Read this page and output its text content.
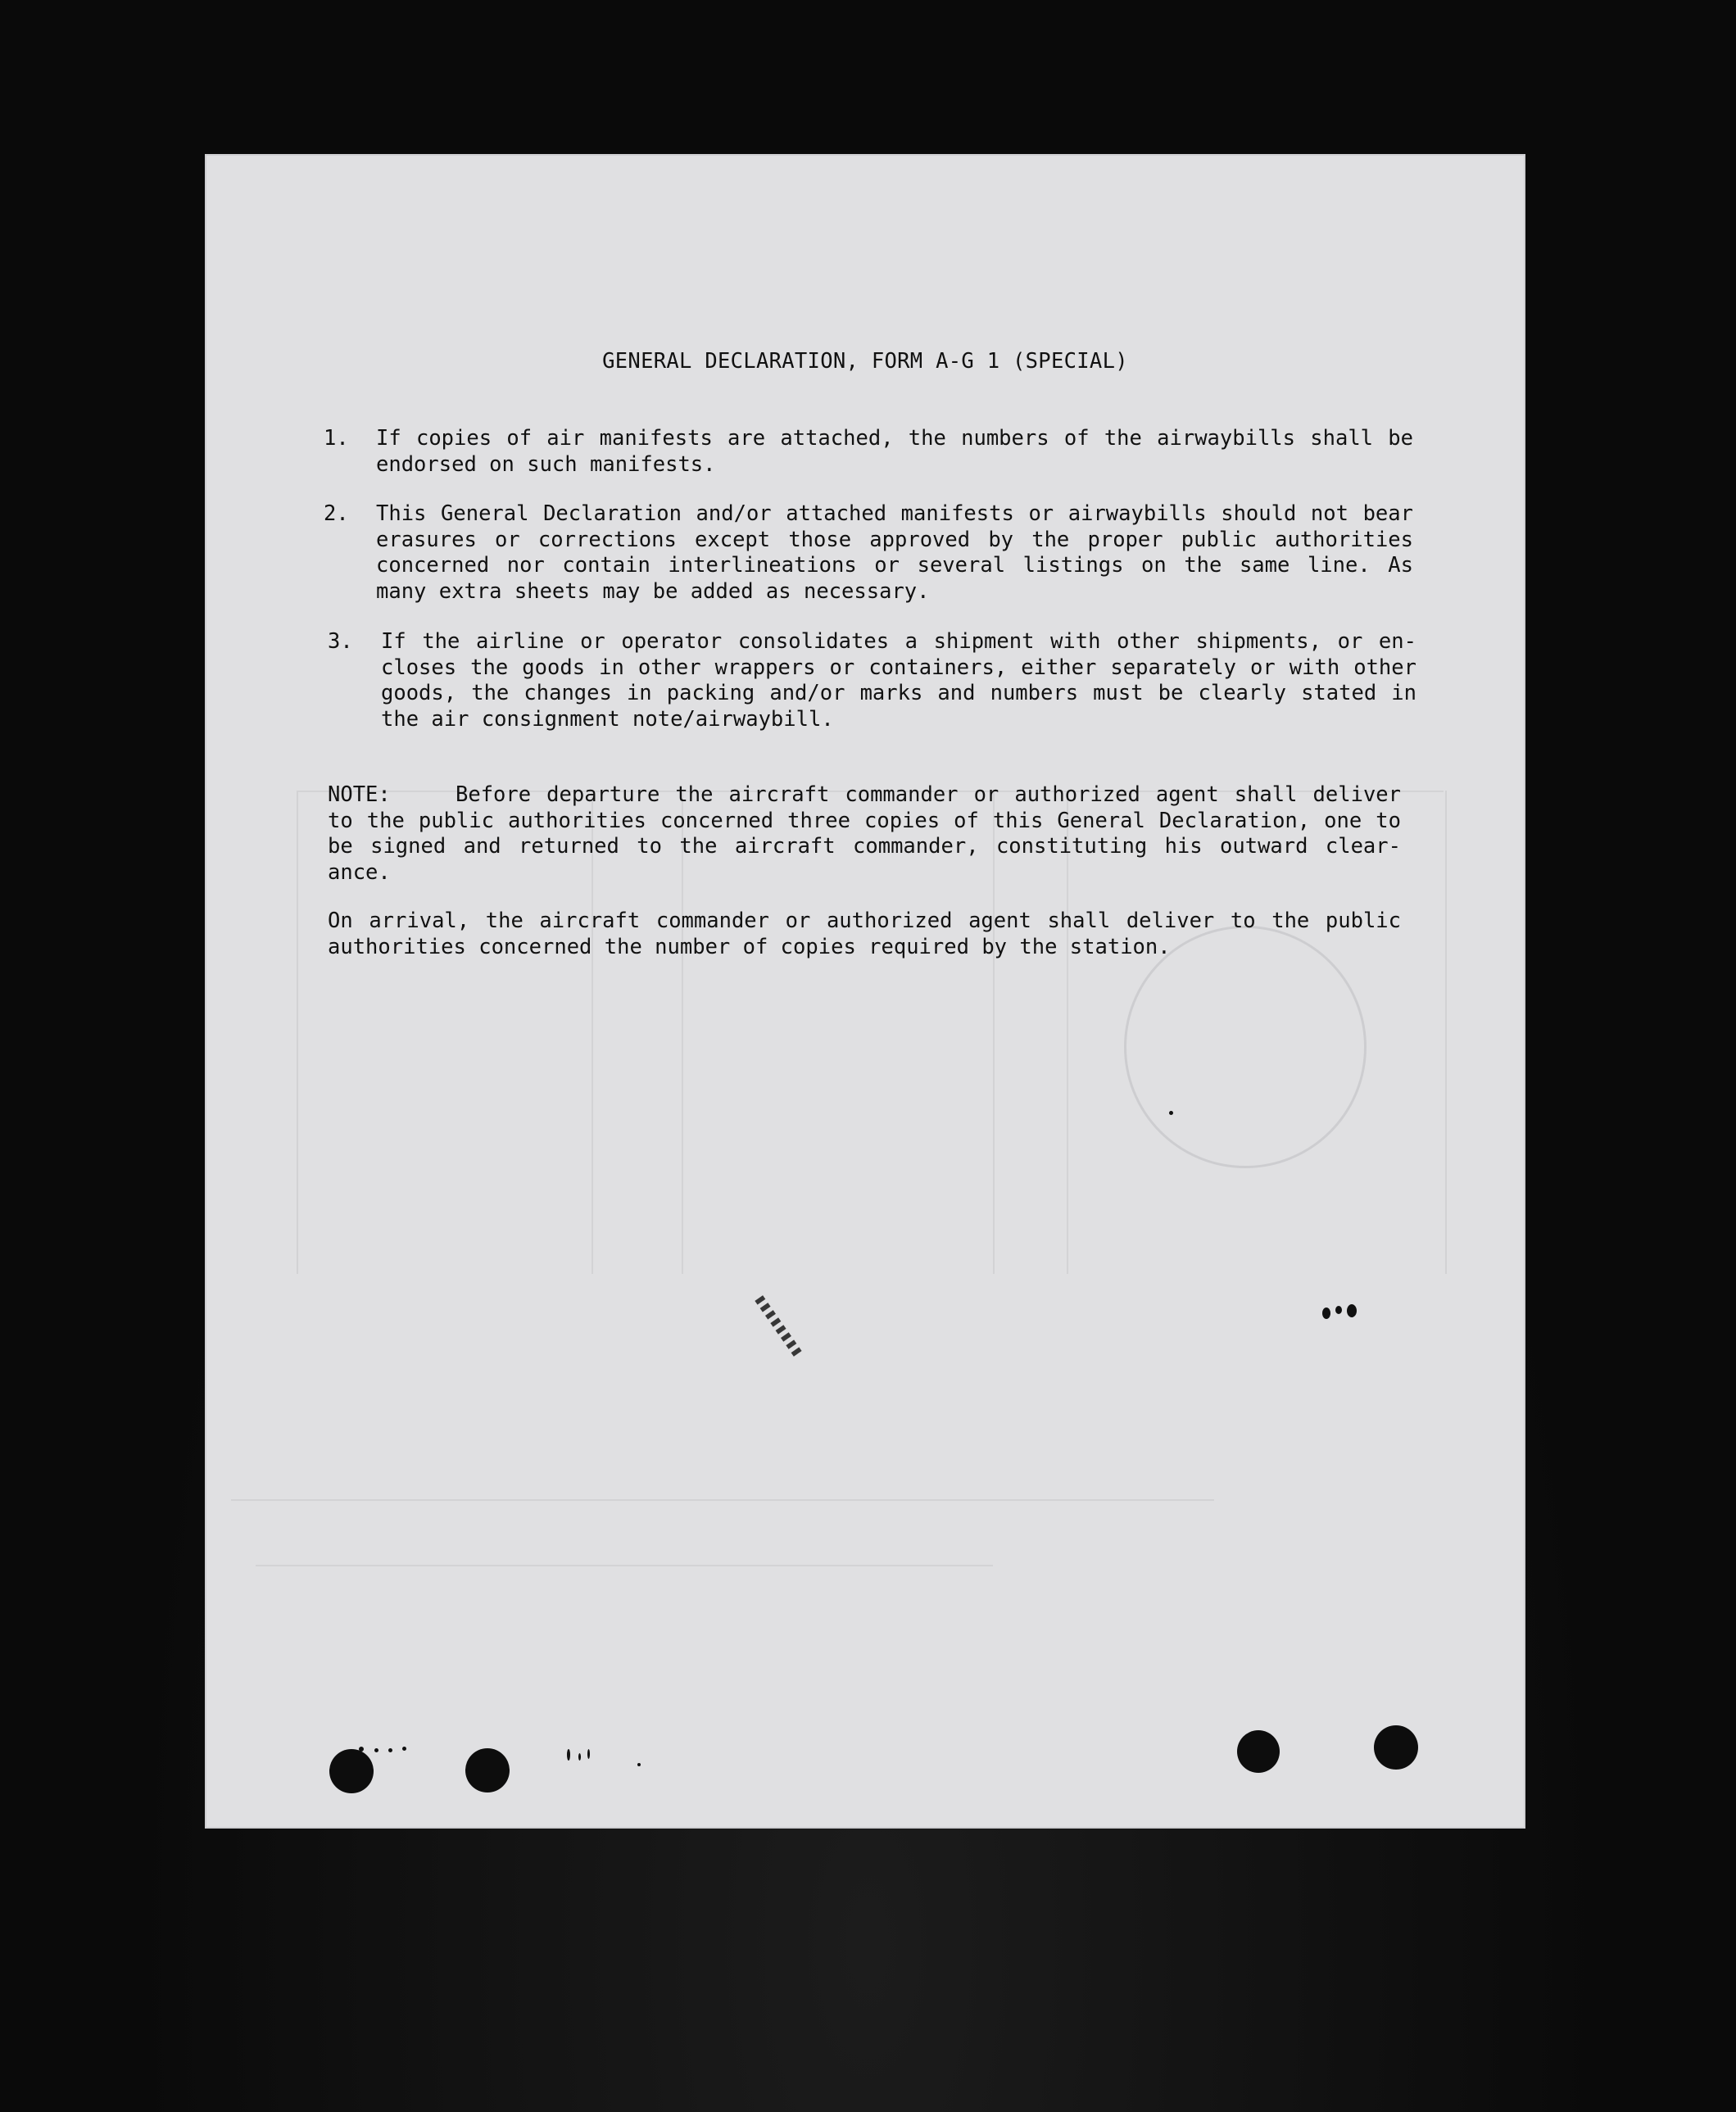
GENERAL DECLARATION, FORM A-G 1 (SPECIAL)
1. If copies of air manifests are attached, the numbers of the airwaybills shall be
endorsed on such manifests.
2. This General Declaration and/or attached manifests or airwaybills should not bear
erasures or corrections except those approved by the proper public authorities
concerned nor contain interlineations or several listings on the same line. As
many extra sheets may be added as necessary.
3. If the airline or operator consolidates a shipment with other shipments, or en-
closes the goods in other wrappers or containers, either separately or with other
goods, the changes in packing and/or marks and numbers must be clearly stated in
the air consignment note/airwaybill.
NOTE:	Before departure the aircraft commander or authorized agent shall deliver
to the public authorities concerned three copies of this General Declaration, one to
be signed and returned to the aircraft commander, constituting his outward clear-
ance.
On arrival, the aircraft commander or authorized agent shall deliver to the public
authorities concerned the number of copies required by the station.
▮▮▮▮▮▮▮▮
